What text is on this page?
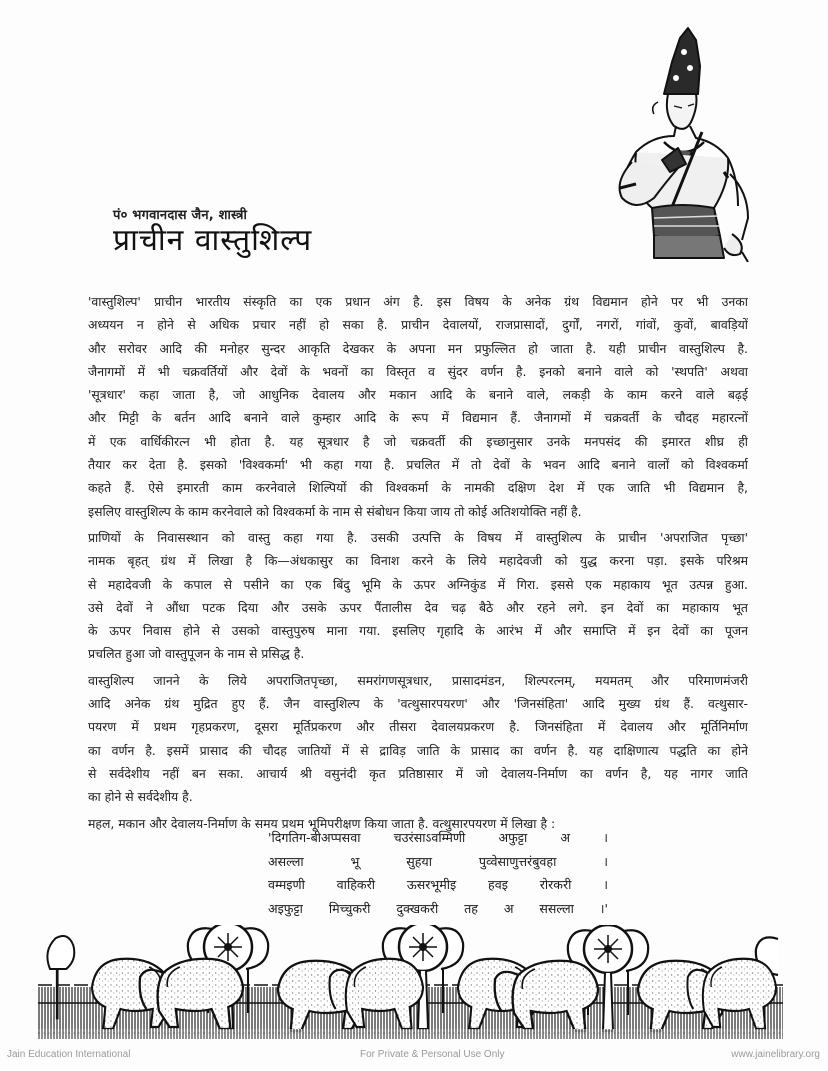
पं० भगवानदास जैन, शास्त्री
प्राचीन वास्तुशिल्प
'वास्तुशिल्प' प्राचीन भारतीय संस्कृति का एक प्रधान अंग है. इस विषय के अनेक ग्रंथ विद्यमान होने पर भी उनका
अध्ययन न होने से अधिक प्रचार नहीं हो सका है. प्राचीन देवालयों, राजप्रासादों, दुर्गों, नगरों, गांवों, कुवों, बावड़ियों
और सरोवर आदि की मनोहर सुन्दर आकृति देखकर के अपना मन प्रफुल्लित हो जाता है. यही प्राचीन वास्तुशिल्प है.
जैनागमों में भी चक्रवर्तियों और देवों के भवनों का विस्तृत व सुंदर वर्णन है. इनको बनाने वाले को 'स्थपति' अथवा
'सूत्रधार' कहा जाता है, जो आधुनिक देवालय और मकान आदि के बनाने वाले, लकड़ी के काम करने वाले बढ़ई
और मिट्टी के बर्तन आदि बनाने वाले कुम्हार आदि के रूप में विद्यमान हैं. जैनागमों में चक्रवर्ती के चौदह महारत्नों
में एक वार्धिकीरत्न भी होता है. यह सूत्रधार है जो चक्रवर्ती की इच्छानुसार उनके मनपसंद की इमारत शीघ्र ही
तैयार कर देता है. इसको 'विश्वकर्मा' भी कहा गया है. प्रचलित में तो देवों के भवन आदि बनाने वालों को विश्वकर्मा
कहते हैं. ऐसे इमारती काम करनेवाले शिल्पियों की विश्वकर्मा के नामकी दक्षिण देश में एक जाति भी विद्यमान है,
इसलिए वास्तुशिल्प के काम करनेवाले को विश्वकर्मा के नाम से संबोधन किया जाय तो कोई अतिशयोक्ति नहीं है.
प्राणियों के निवासस्थान को वास्तु कहा गया है. उसकी उत्पत्ति के विषय में वास्तुशिल्प के प्राचीन 'अपराजित पृच्छा'
नामक बृहत् ग्रंथ में लिखा है कि—अंधकासुर का विनाश करने के लिये महादेवजी को युद्ध करना पड़ा. इसके परिश्रम
से महादेवजी के कपाल से पसीने का एक बिंदु भूमि के ऊपर अग्निकुंड में गिरा. इससे एक महाकाय भूत उत्पन्न हुआ.
उसे देवों ने औंधा पटक दिया और उसके ऊपर पैंतालीस देव चढ़ बैठे और रहने लगे. इन देवों का महाकाय भूत
के ऊपर निवास होने से उसको वास्तुपुरुष माना गया. इसलिए गृहादि के आरंभ में और समाप्ति में इन देवों का पूजन
प्रचलित हुआ जो वास्तुपूजन के नाम से प्रसिद्ध है.
वास्तुशिल्प जानने के लिये अपराजितपृच्छा, समरांगणसूत्रधार, प्रासादमंडन, शिल्परत्नम्, मयमतम् और परिमाणमंजरी
आदि अनेक ग्रंथ मुद्रित हुए हैं. जैन वास्तुशिल्प के 'वत्थुसारपयरण' और 'जिनसंहिता' आदि मुख्य ग्रंथ हैं. वत्थुसार-
पयरण में प्रथम गृहप्रकरण, दूसरा मूर्तिप्रकरण और तीसरा देवालयप्रकरण है. जिनसंहिता में देवालय और मूर्तिनिर्माण
का वर्णन है. इसमें प्रासाद की चौदह जातियों में से द्राविड़ जाति के प्रासाद का वर्णन है. यह दाक्षिणात्य पद्धति का होने
से सर्वदेशीय नहीं बन सका. आचार्य श्री वसुनंदी कृत प्रतिष्ठासार में जो देवालय-निर्माण का वर्णन है, यह नागर जाति
का होने से सर्वदेशीय है.
महल, मकान और देवालय-निर्माण के समय प्रथम भूमिपरीक्षण किया जाता है. वत्थुसारपयरण में लिखा है :
'दिगतिग-बीअप्पसवा चउरंसाऽवम्मिणी अफुट्टा अ ।
असल्ला भू सुहया पुव्वेसाणुत्तरंबुवहा ।
वम्मइणी वाहिकरी ऊसरभूमीइ हवइ रोरकरी ।
अइफुट्टा मिच्चुकरी दुक्खकरी तह अ ससल्ला ।'
Jain Education International	For Private & Personal Use Only	www.jainelibrary.org
